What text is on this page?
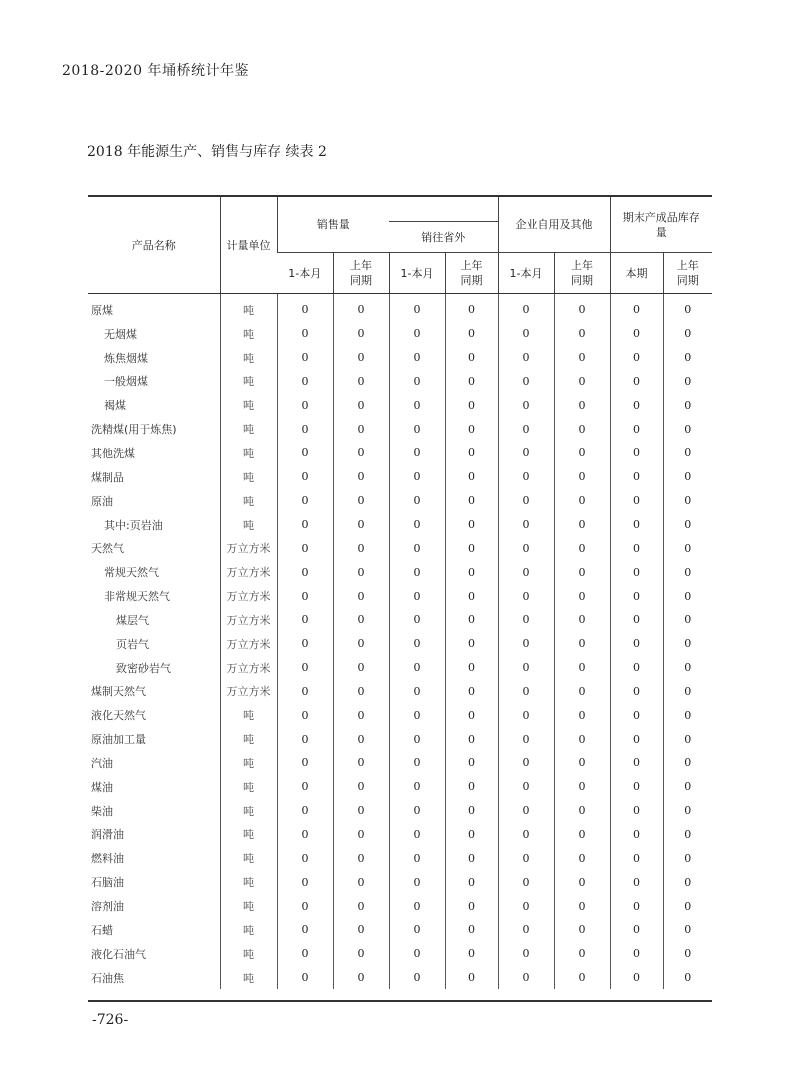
2018-2020 年埇桥统计年鉴
2018 年能源生产、销售与库存 续表 2
产品名称	计量单位	销售量				企业自用及其他		期末产成品库存量	
				销往省外					
		1-本月	上年同期	1-本月	上年同期	1-本月	上年同期	本期	上年同期
原煤	吨	0	0	0	0	0	0	0	0
无烟煤	吨	0	0	0	0	0	0	0	0
炼焦烟煤	吨	0	0	0	0	0	0	0	0
一般烟煤	吨	0	0	0	0	0	0	0	0
褐煤	吨	0	0	0	0	0	0	0	0
洗精煤(用于炼焦)	吨	0	0	0	0	0	0	0	0
其他洗煤	吨	0	0	0	0	0	0	0	0
煤制品	吨	0	0	0	0	0	0	0	0
原油	吨	0	0	0	0	0	0	0	0
其中:页岩油	吨	0	0	0	0	0	0	0	0
天然气	万立方米	0	0	0	0	0	0	0	0
常规天然气	万立方米	0	0	0	0	0	0	0	0
非常规天然气	万立方米	0	0	0	0	0	0	0	0
煤层气	万立方米	0	0	0	0	0	0	0	0
页岩气	万立方米	0	0	0	0	0	0	0	0
致密砂岩气	万立方米	0	0	0	0	0	0	0	0
煤制天然气	万立方米	0	0	0	0	0	0	0	0
液化天然气	吨	0	0	0	0	0	0	0	0
原油加工量	吨	0	0	0	0	0	0	0	0
汽油	吨	0	0	0	0	0	0	0	0
煤油	吨	0	0	0	0	0	0	0	0
柴油	吨	0	0	0	0	0	0	0	0
润滑油	吨	0	0	0	0	0	0	0	0
燃料油	吨	0	0	0	0	0	0	0	0
石脑油	吨	0	0	0	0	0	0	0	0
溶剂油	吨	0	0	0	0	0	0	0	0
石蜡	吨	0	0	0	0	0	0	0	0
液化石油气	吨	0	0	0	0	0	0	0	0
石油焦	吨	0	0	0	0	0	0	0	0
-726-
